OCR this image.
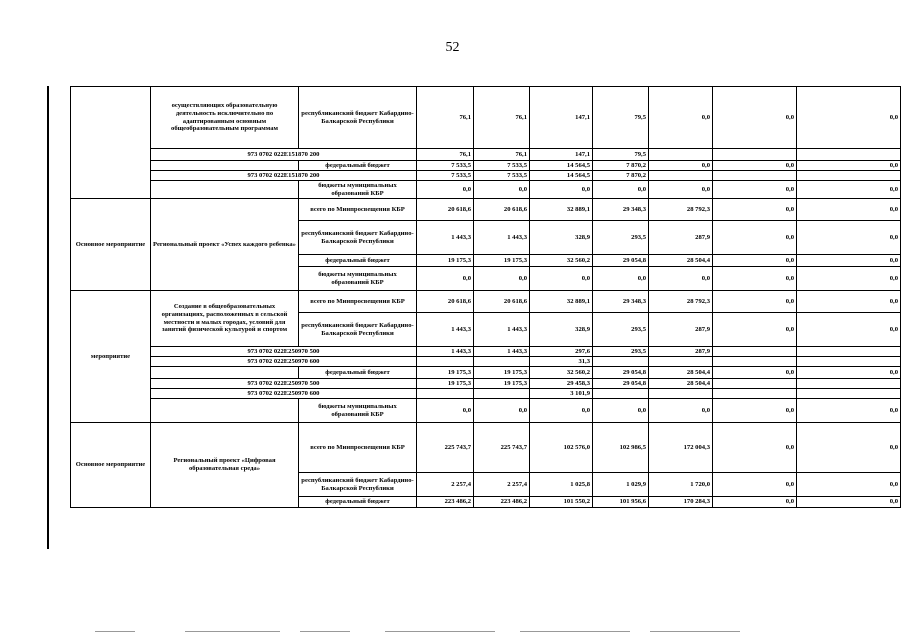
52
	осуществляющих образовательную деятельность исключительно по адаптированным основным общеобразовательным программам	республиканский бюджет Кабардино-Балкарской Республики	76,1	76,1	147,1	79,5	0,0	0,0	0,0
	973 0702 022E151870 200		76,1	76,1	147,1	79,5			
		федеральный бюджет	7 533,5	7 533,5	14 564,5	7 870,2	0,0	0,0	0,0
	973 0702 022E151870 200		7 533,5	7 533,5	14 564,5	7 870,2			
		бюджеты муниципальных образований КБР	0,0	0,0	0,0	0,0	0,0	0,0	0,0
Основное мероприятие	Региональный проект «Успех каждого ребенка»	всего по Минпросвещения КБР	20 618,6	20 618,6	32 889,1	29 348,3	28 792,3	0,0	0,0
		республиканский бюджет Кабардино-Балкарской Республики	1 443,3	1 443,3	328,9	293,5	287,9	0,0	0,0
		федеральный бюджет	19 175,3	19 175,3	32 560,2	29 054,8	28 504,4	0,0	0,0
		бюджеты муниципальных образований КБР	0,0	0,0	0,0	0,0	0,0	0,0	0,0
мероприятие	Создание в общеобразовательных организациях, расположенных в сельской местности и малых городах, условий для занятий физической культурой и спортом	всего по Минпросвещения КБР	20 618,6	20 618,6	32 889,1	29 348,3	28 792,3	0,0	0,0
		республиканский бюджет Кабардино-Балкарской Республики	1 443,3	1 443,3	328,9	293,5	287,9	0,0	0,0
	973 0702 022E250970 500		1 443,3	1 443,3	297,6	293,5	287,9		
	973 0702 022E250970 600				31,3				
		федеральный бюджет	19 175,3	19 175,3	32 560,2	29 054,8	28 504,4	0,0	0,0
	973 0702 022E250970 500		19 175,3	19 175,3	29 458,3	29 054,8	28 504,4		
	973 0702 022E250970 600				3 101,9				
		бюджеты муниципальных образований КБР	0,0	0,0	0,0	0,0	0,0	0,0	0,0
Основное мероприятие	Региональный проект «Цифровая образовательная среда»	всего по Минпросвещения КБР	225 743,7	225 743,7	102 576,0	102 986,5	172 004,3	0,0	0,0
		республиканский бюджет Кабардино-Балкарской Республики	2 257,4	2 257,4	1 025,8	1 029,9	1 720,0	0,0	0,0
		федеральный бюджет	223 486,2	223 486,2	101 550,2	101 956,6	170 284,3	0,0	0,0
